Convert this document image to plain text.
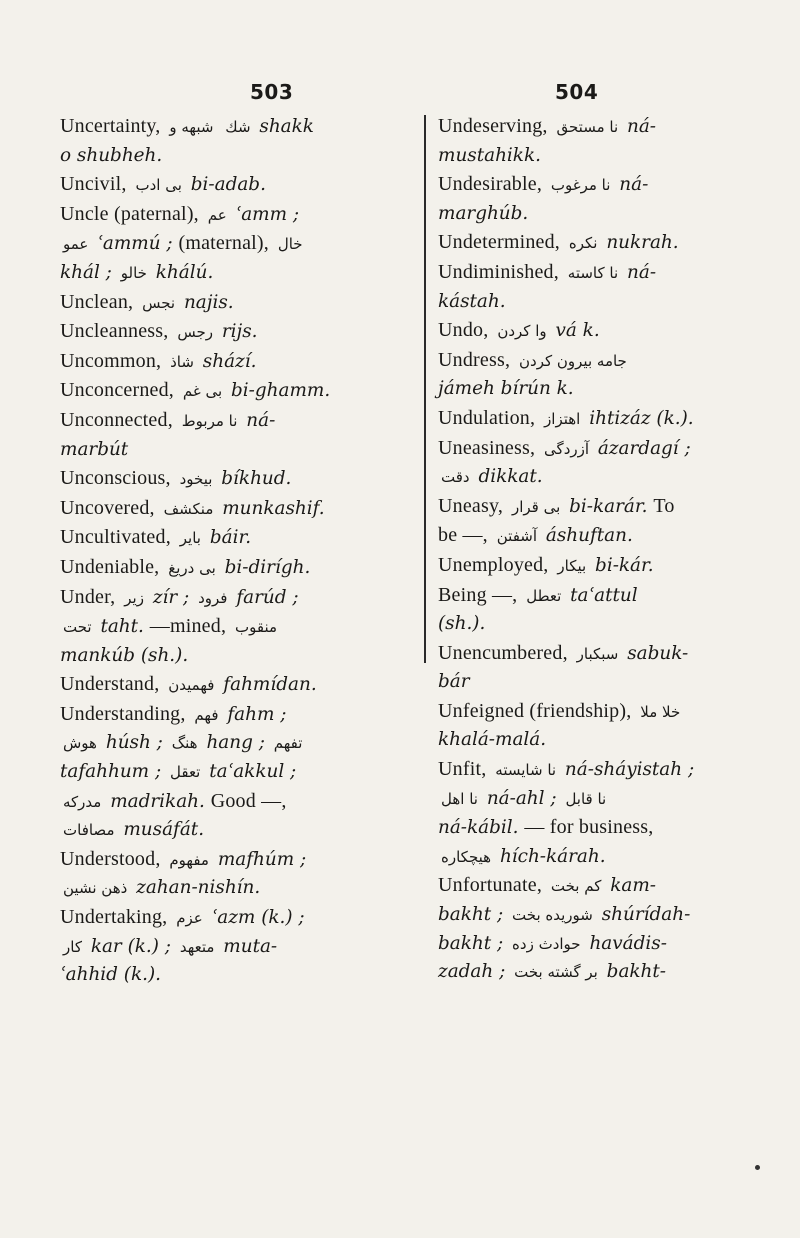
503	504
Uncertainty, شبهه و شك shakk
o shubheh.
Uncivil, بی ادب bi-adab.
Uncle (paternal), عم ʿamm ;
عمو ʿammú ; (maternal), خال
khál ; خالو khálú.
Unclean, نجس najis.
Uncleanness, رجس rijs.
Uncommon, شاذ shází.
Unconcerned, بی غم bi-ghamm.
Unconnected, نا مربوط ná-
marbút
Unconscious, بیخود bíkhud.
Uncovered, منکشف munkashif.
Uncultivated, بایر báir.
Undeniable, بی دریغ bi-dirígh.
Under, زیر zír ; فرود farúd ;
تحت taht. —mined, منقوب
mankúb (sh.).
Understand, فهمیدن fahmídan.
Understanding, فهم fahm ;
هوش húsh ; هنگ hang ; تفهم
tafahhum ; تعقل taʿakkul ;
مدرکه madrikah. Good —,
مصافات musáfát.
Understood, مفهوم mafhúm ;
ذهن نشین zahan-nishín.
Undertaking, عزم ʿazm (k.) ;
کار kar (k.) ; متعهد muta-
ʿahhid (k.).
Undeserving, نا مستحق ná-
mustahikk.
Undesirable, نا مرغوب ná-
marghúb.
Undetermined, نکره nukrah.
Undiminished, نا کاسته ná-
kástah.
Undo, وا کردن vá k.
Undress, جامه بیرون کردن
jámeh bírún k.
Undulation, اهتزاز ihtizáz (k.).
Uneasiness, آزردگی ázardagí ;
دقت dikkat.
Uneasy, بی قرار bi-karár. To
be —, آشفتن áshuftan.
Unemployed, بیکار bi-kár.
Being —, تعطل taʿattul
(sh.).
Unencumbered, سبکبار sabuk-
bár
Unfeigned (friendship), خلا ملا
khalá-malá.
Unfit, نا شایسته ná-sháyistah ;
نا اهل ná-ahl ; نا قابل
ná-kábil. — for business,
هیچکاره hích-kárah.
Unfortunate, کم بخت kam-
bakht ; شوریده بخت shúrídah-
bakht ; حوادث زده havádis-
zadah ; بر گشته بخت bakht-
